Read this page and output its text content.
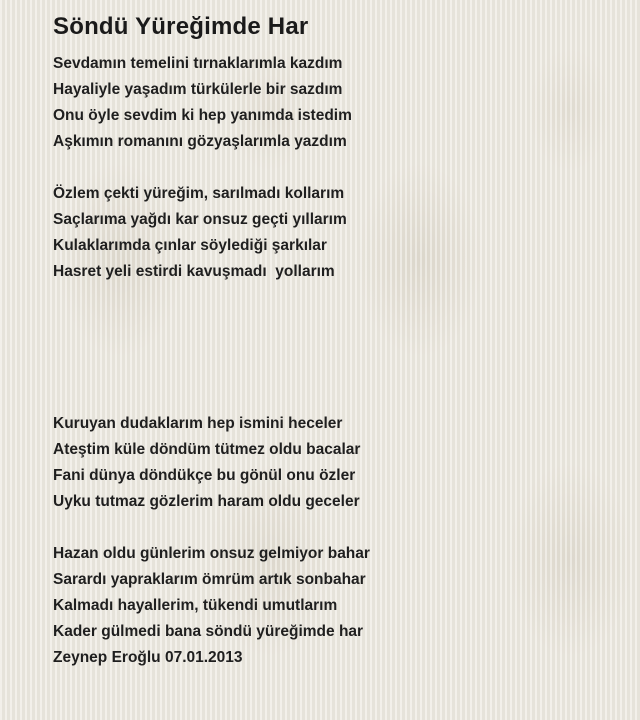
Söndü Yüreğimde Har
Sevdamın temelini tırnaklarımla kazdım
Hayaliyle yaşadım türkülerle bir sazdım
Onu öyle sevdim ki hep yanımda istedim
Aşkımın romanını gözyaşlarımla yazdım
Özlem çekti yüreğim, sarılmadı kollarım
Saçlarıma yağdı kar onsuz geçti yıllarım
Kulaklarımda çınlar söylediği şarkılar
Hasret yeli estirdi kavuşmadı  yollarım
Kuruyan dudaklarım hep ismini heceler
Ateştim küle döndüm tütmez oldu bacalar
Fani dünya döndükçe bu gönül onu özler
Uyku tutmaz gözlerim haram oldu geceler
Hazan oldu günlerim onsuz gelmiyor bahar
Sarardı yapraklarım ömrüm artık sonbahar
Kalmadı hayallerim, tükendi umutlarım
Kader gülmedi bana söndü yüreğimde har
Zeynep Eroğlu 07.01.2013
